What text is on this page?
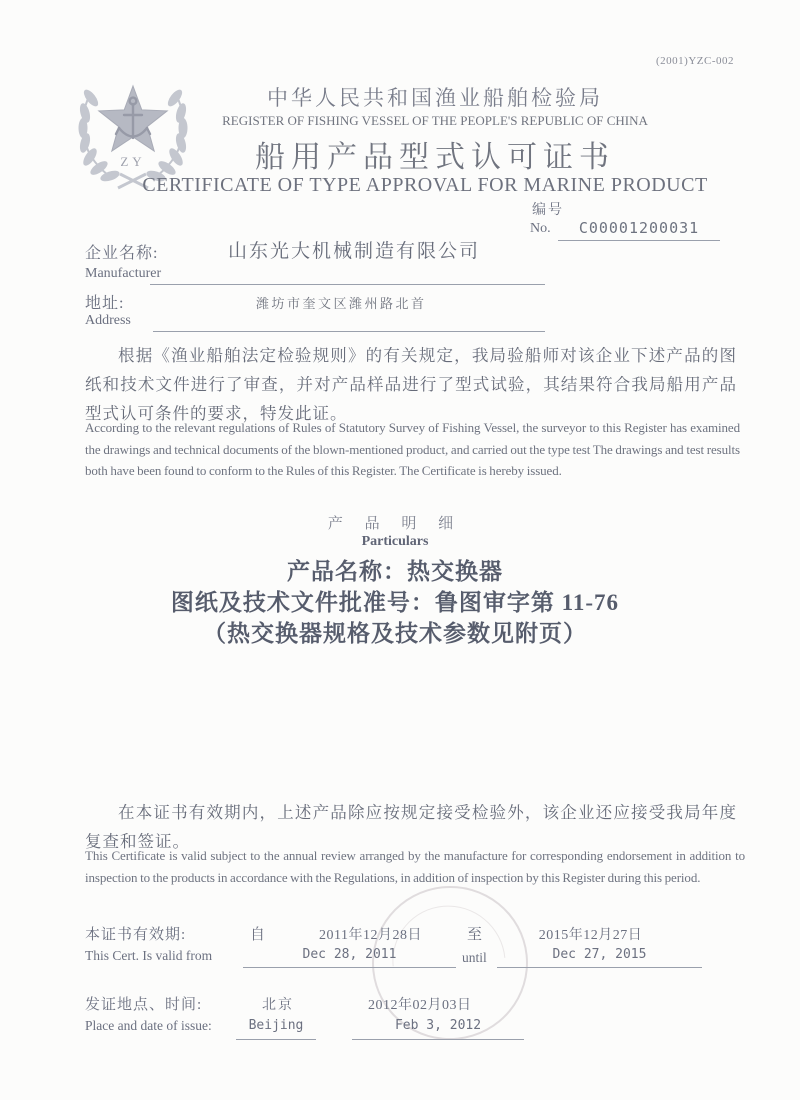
(2001)YZC-002
ZY
中华人民共和国渔业船舶检验局
REGISTER OF FISHING VESSEL OF THE PEOPLE'S REPUBLIC OF CHINA
船用产品型式认可证书
CERTIFICATE OF TYPE APPROVAL FOR MARINE PRODUCT
编号
No.	C00001200031
企业名称:	山东光大机械制造有限公司
Manufacturer
地址:	潍坊市奎文区潍州路北首
Address
根据《渔业船舶法定检验规则》的有关规定，我局验船师对该企业下述产品的图纸和技术文件进行了审查，并对产品样品进行了型式试验，其结果符合我局船用产品型式认可条件的要求，特发此证。
According to the relevant regulations of Rules of Statutory Survey of Fishing Vessel, the surveyor to this Register has examined the drawings and technical documents of the blown-mentioned product, and carried out the type test The drawings and test results both have been found to conform to the Rules of this Register. The Certificate is hereby issued.
产 品 明 细
Particulars
产品名称：热交换器
图纸及技术文件批准号：鲁图审字第 11-76
（热交换器规格及技术参数见附页）
在本证书有效期内，上述产品除应按规定接受检验外，该企业还应接受我局年度复查和签证。
This Certificate is valid subject to the annual review arranged by the manufacture for corresponding endorsement in addition to inspection to the products in accordance with the Regulations, in addition of inspection by this Register during this period.
本证书有效期:	自	2011年12月28日	至	2015年12月27日
This Cert. Is valid from	Dec 28, 2011	until	Dec 27, 2015
发证地点、时间:	北京	2012年02月03日
Place and date of issue:	Beijing	Feb 3, 2012
